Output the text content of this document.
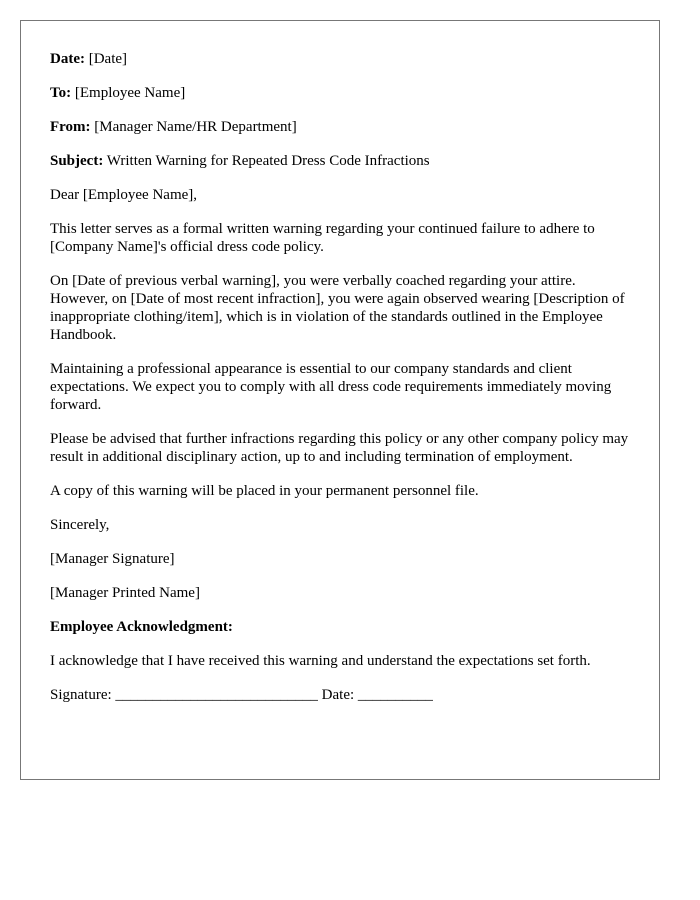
Date: [Date]

To: [Employee Name]

From: [Manager Name/HR Department]

Subject: Written Warning for Repeated Dress Code Infractions

Dear [Employee Name],

This letter serves as a formal written warning regarding your continued failure to adhere to [Company Name]'s official dress code policy.

On [Date of previous verbal warning], you were verbally coached regarding your attire. However, on [Date of most recent infraction], you were again observed wearing [Description of inappropriate clothing/item], which is in violation of the standards outlined in the Employee Handbook.

Maintaining a professional appearance is essential to our company standards and client expectations. We expect you to comply with all dress code requirements immediately moving forward.

Please be advised that further infractions regarding this policy or any other company policy may result in additional disciplinary action, up to and including termination of employment.

A copy of this warning will be placed in your permanent personnel file.

Sincerely,

[Manager Signature]

[Manager Printed Name]

Employee Acknowledgment:

I acknowledge that I have received this warning and understand the expectations set forth.

Signature: ___________________________ Date: __________
